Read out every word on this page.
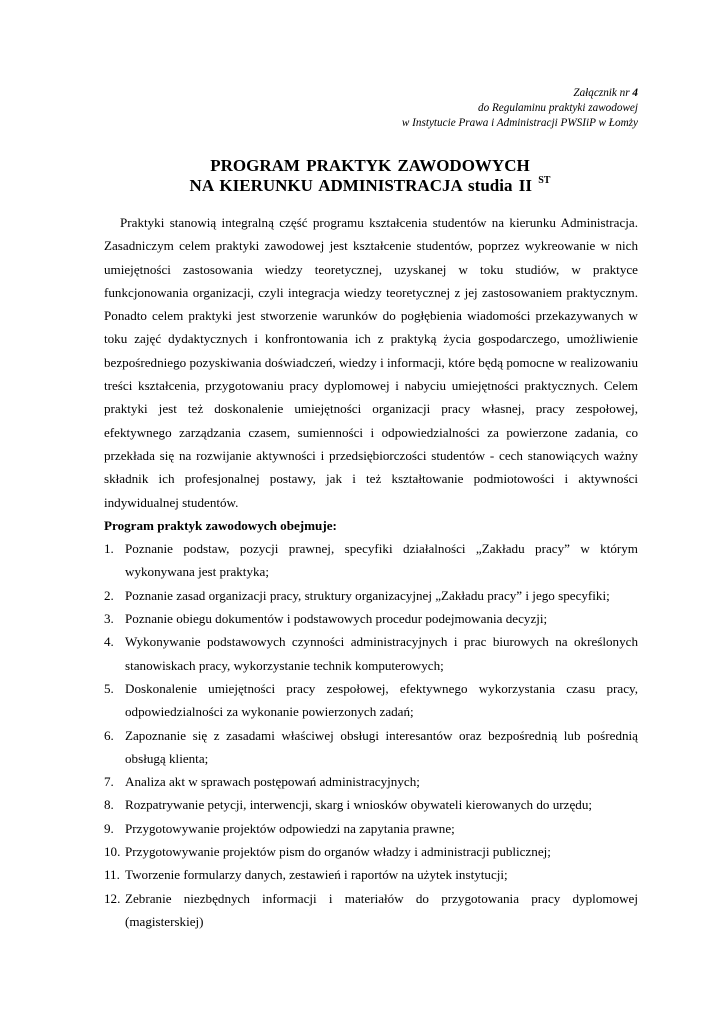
Załącznik nr 4
do Regulaminu praktyki zawodowej
w Instytucie Prawa i Administracji PWSIiP w Łomży
PROGRAM PRAKTYK ZAWODOWYCH
NA KIERUNKU ADMINISTRACJA studia II $^{ST}$

Praktyki stanowią integralną część programu kształcenia studentów na kierunku Administracja. Zasadniczym celem praktyki zawodowej jest kształcenie studentów, poprzez wykreowanie w nich umiejętności zastosowania wiedzy teoretycznej, uzyskanej w toku studiów, w praktyce funkcjonowania organizacji, czyli integracja wiedzy teoretycznej z jej zastosowaniem praktycznym. Ponadto celem praktyki jest stworzenie warunków do pogłębienia wiadomości przekazywanych w toku zajęć dydaktycznych i konfrontowania ich z praktyką życia gospodarczego, umożliwienie bezpośredniego pozyskiwania doświadczeń, wiedzy i informacji, które będą pomocne w realizowaniu treści kształcenia, przygotowaniu pracy dyplomowej i nabyciu umiejętności praktycznych. Celem praktyki jest też doskonalenie umiejętności organizacji pracy własnej, pracy zespołowej, efektywnego zarządzania czasem, sumienności i odpowiedzialności za powierzone zadania, co przekłada się na rozwijanie aktywności i przedsiębiorczości studentów - cech stanowiących ważny składnik ich profesjonalnej postawy, jak i też kształtowanie podmiotowości i aktywności indywidualnej studentów.

Program praktyk zawodowych obejmuje:

1. Poznanie podstaw, pozycji prawnej, specyfiki działalności „Zakładu pracy” w którym wykonywana jest praktyka;
2. Poznanie zasad organizacji pracy, struktury organizacyjnej „Zakładu pracy” i jego specyfiki;
3. Poznanie obiegu dokumentów i podstawowych procedur podejmowania decyzji;
4. Wykonywanie podstawowych czynności administracyjnych i prac biurowych na określonych stanowiskach pracy, wykorzystanie technik komputerowych;
5. Doskonalenie umiejętności pracy zespołowej, efektywnego wykorzystania czasu pracy, odpowiedzialności za wykonanie powierzonych zadań;
6. Zapoznanie się z zasadami właściwej obsługi interesantów oraz bezpośrednią lub pośrednią obsługą klienta;
7. Analiza akt w sprawach postępowań administracyjnych;
8. Rozpatrywanie petycji, interwencji, skarg i wniosków obywateli kierowanych do urzędu;
9. Przygotowywanie projektów odpowiedzi na zapytania prawne;
10. Przygotowywanie projektów pism do organów władzy i administracji publicznej;
11. Tworzenie formularzy danych, zestawień i raportów na użytek instytucji;
12. Zebranie niezbędnych informacji i materiałów do przygotowania pracy dyplomowej (magisterskiej)
